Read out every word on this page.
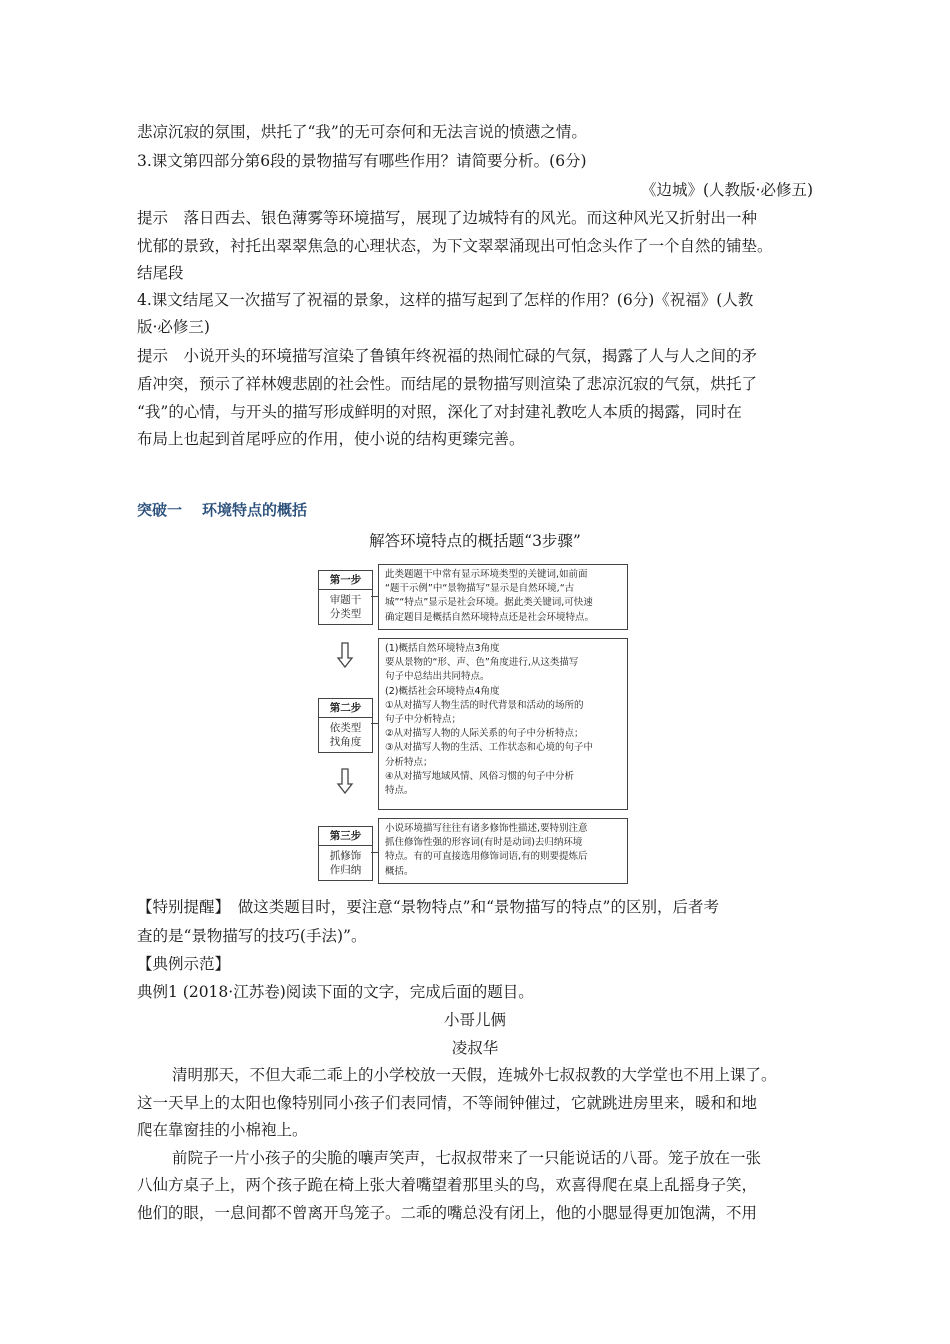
悲凉沉寂的氛围，烘托了“我”的无可奈何和无法言说的愤懑之情。
3.课文第四部分第6段的景物描写有哪些作用？请简要分析。(6分)
《边城》(人教版·必修五)
提示　落日西去、银色薄雾等环境描写，展现了边城特有的风光。而这种风光又折射出一种
忧郁的景致，衬托出翠翠焦急的心理状态，为下文翠翠涌现出可怕念头作了一个自然的铺垫。
结尾段
4.课文结尾又一次描写了祝福的景象，这样的描写起到了怎样的作用？(6分)《祝福》(人教
版·必修三)
提示　小说开头的环境描写渲染了鲁镇年终祝福的热闹忙碌的气氛，揭露了人与人之间的矛
盾冲突，预示了祥林嫂悲剧的社会性。而结尾的景物描写则渲染了悲凉沉寂的气氛，烘托了
“我”的心情，与开头的描写形成鲜明的对照，深化了对封建礼教吃人本质的揭露，同时在
布局上也起到首尾呼应的作用，使小说的结构更臻完善。
突破一 环境特点的概括
解答环境特点的概括题“3步骤”
第一步
审题干
分类型
此类题题干中常有显示环境类型的关键词,如前面
“题干示例”中“景物描写”显示是自然环境,“古
城”“特点”显示是社会环境。据此类关键词,可快速
确定题目是概括自然环境特点还是社会环境特点。
第二步
依类型
找角度
(1)概括自然环境特点3角度
要从景物的“形、声、色”角度进行,从这类描写
句子中总结出共同特点。
(2)概括社会环境特点4角度
①从对描写人物生活的时代背景和活动的场所的
句子中分析特点；
②从对描写人物的人际关系的句子中分析特点；
③从对描写人物的生活、工作状态和心境的句子中
分析特点；
④从对描写地域风情、风俗习惯的句子中分析
特点。
第三步
抓修饰
作归纳
小说环境描写往往有诸多修饰性描述,要特别注意
抓住修饰性强的形容词(有时是动词)去归纳环境
特点。有的可直接选用修饰词语,有的则要提炼后
概括。
【特别提醒】　做这类题目时，要注意“景物特点”和“景物描写的特点”的区别，后者考
查的是“景物描写的技巧(手法)”。
【典例示范】
典例1 (2018·江苏卷)阅读下面的文字，完成后面的题目。
小哥儿俩
凌叔华
清明那天，不但大乖二乖上的小学校放一天假，连城外七叔叔教的大学堂也不用上课了。
这一天早上的太阳也像特别同小孩子们表同情，不等闹钟催过，它就跳进房里来，暖和和地
爬在靠窗挂的小棉袍上。
前院子一片小孩子的尖脆的嚷声笑声，七叔叔带来了一只能说话的八哥。笼子放在一张
八仙方桌子上，两个孩子跪在椅上张大着嘴望着那里头的鸟，欢喜得爬在桌上乱摇身子笑，
他们的眼，一息间都不曾离开鸟笼子。二乖的嘴总没有闭上，他的小腮显得更加饱满，不用
